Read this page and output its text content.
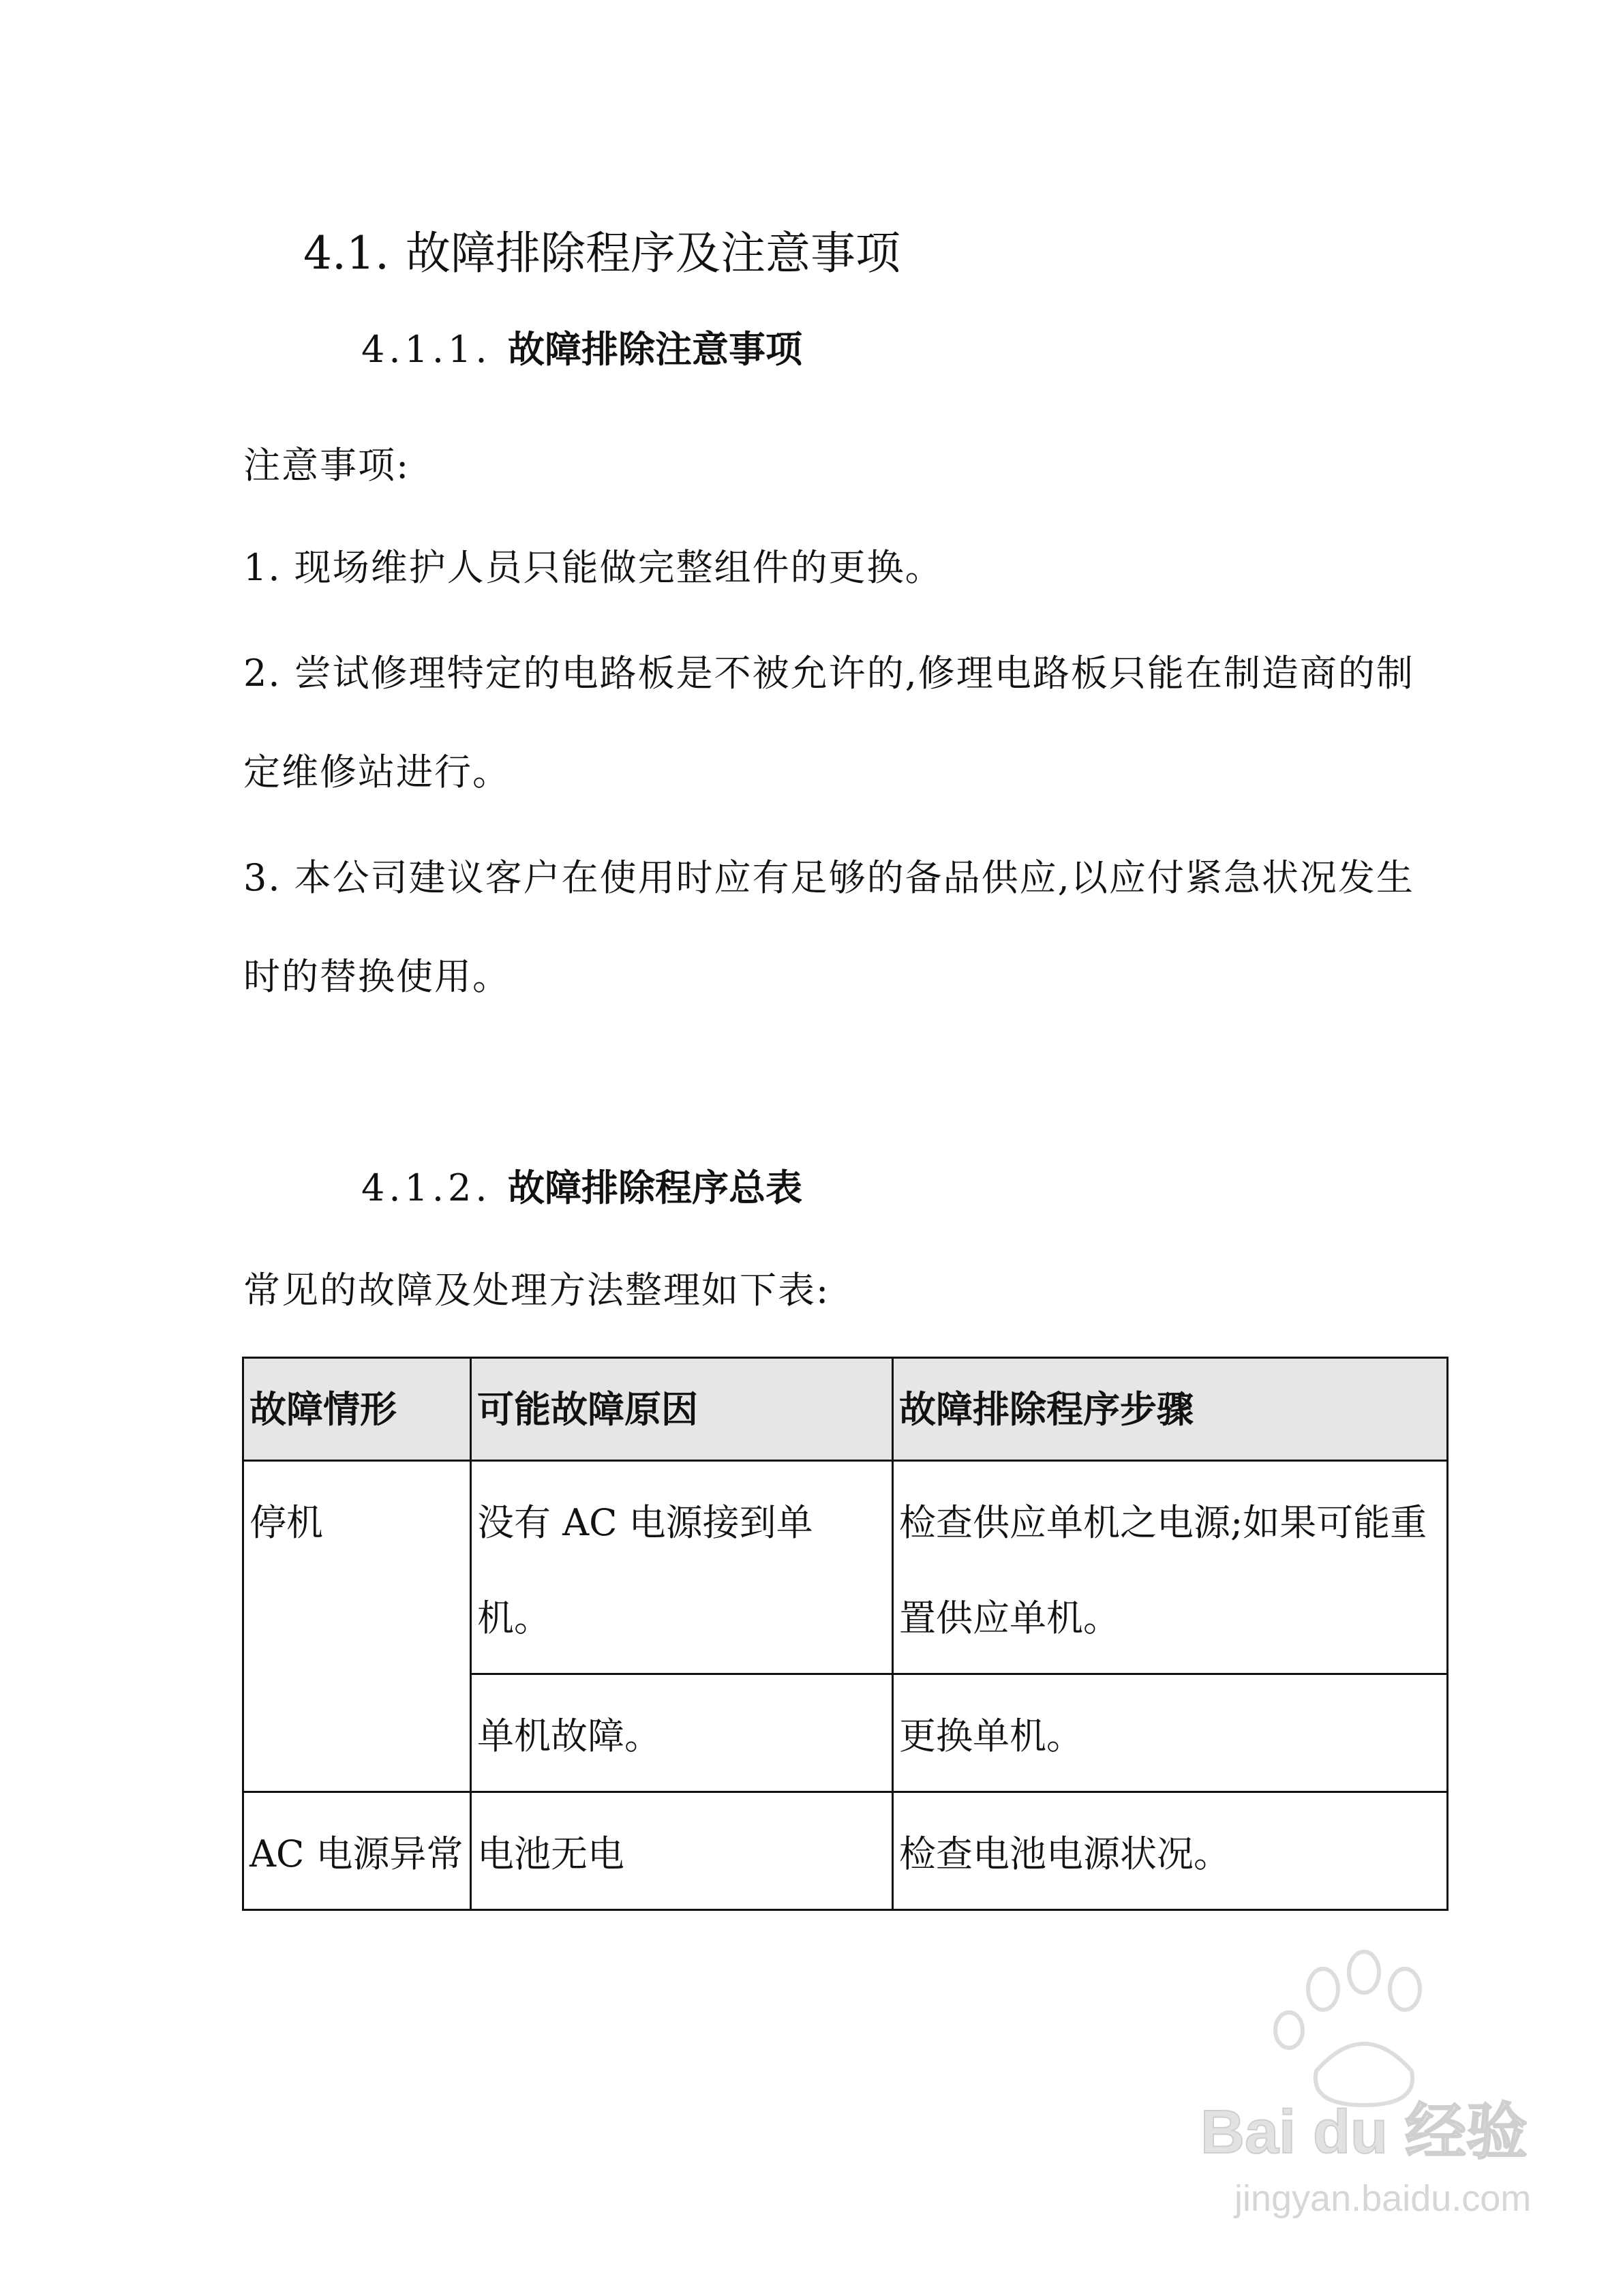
4.1. 故障排除程序及注意事项
4.1.1. 故障排除注意事项
注意事项:
1. 现场维护人员只能做完整组件的更换。
2. 尝试修理特定的电路板是不被允许的,修理电路板只能在制造商的制
定维修站进行。
3. 本公司建议客户在使用时应有足够的备品供应,以应付紧急状况发生
时的替换使用。
4.1.2. 故障排除程序总表
常见的故障及处理方法整理如下表:
故障情形	可能故障原因	故障排除程序步骤
停机	没有 AC 电源接到单机。	检查供应单机之电源;如果可能重
置供应单机。
	单机故障。	更换单机。
AC 电源异常	电池无电	检查电池电源状况。
Bai du 经验
jingyan.baidu.com
